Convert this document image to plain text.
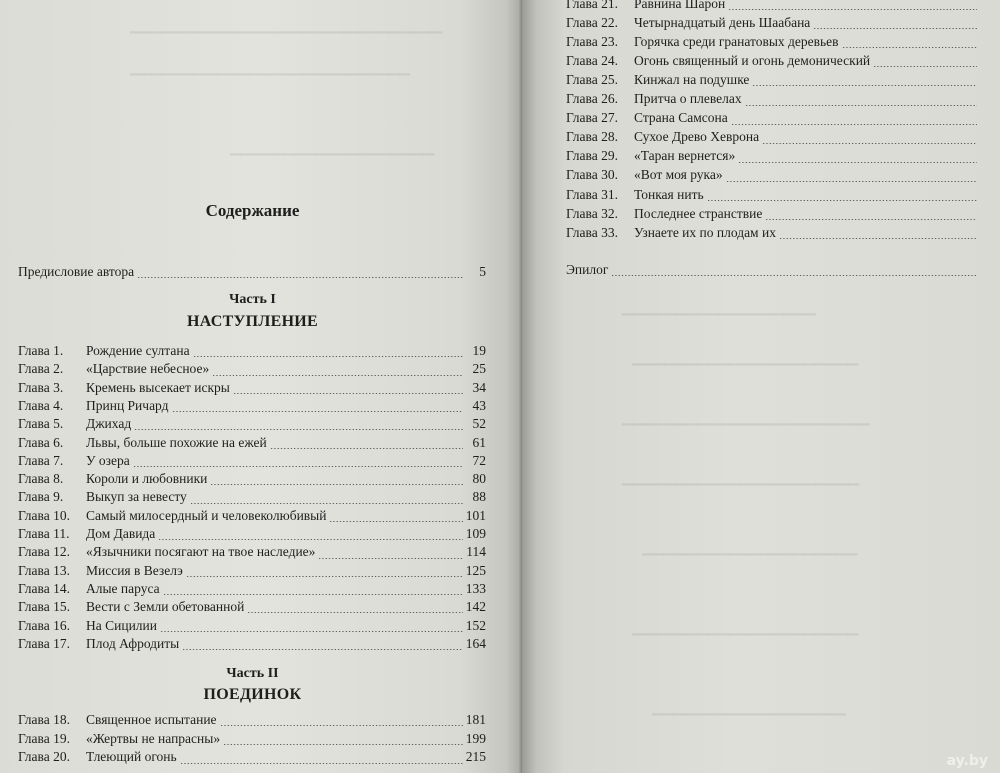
▁▁▁▁▁▁▁▁▁▁▁▁▁▁▁▁▁▁▁▁▁▁▁▁▁▁▁▁▁
▁▁▁▁▁▁▁▁▁▁▁▁▁▁▁▁▁▁▁▁▁▁▁▁▁▁
▁▁▁▁▁▁▁▁▁▁▁▁▁▁▁▁▁▁▁
Содержание
Предисловие автора	5
Часть I
НАСТУПЛЕНИЕ
Глава 1.	Рождение султана	19
Глава 2.	«Царствие небесное»	25
Глава 3.	Кремень высекает искры	34
Глава 4.	Принц Ричард	43
Глава 5.	Джихад	52
Глава 6.	Львы, больше похожие на ежей	61
Глава 7.	У озера	72
Глава 8.	Короли и любовники	80
Глава 9.	Выкуп за невесту	88
Глава 10.	Самый милосердный и человеколюбивый	101
Глава 11.	Дом Давида	109
Глава 12.	«Язычники посягают на твое наследие»	114
Глава 13.	Миссия в Везелэ	125
Глава 14.	Алые паруса	133
Глава 15.	Вести с Земли обетованной	142
Глава 16.	На Сицилии	152
Глава 17.	Плод Афродиты	164
Часть II
ПОЕДИНОК
Глава 18.	Священное испытание	181
Глава 19.	«Жертвы не напрасны»	199
Глава 20.	Тлеющий огонь	215
▁▁▁▁▁▁▁▁▁▁▁▁▁▁▁▁▁▁
▁▁▁▁▁▁▁▁▁▁▁▁▁▁▁▁▁▁▁▁▁
▁▁▁▁▁▁▁▁▁▁▁▁▁▁▁▁▁▁▁▁▁▁▁
▁▁▁▁▁▁▁▁▁▁▁▁▁▁▁▁▁▁▁▁▁▁
▁▁▁▁▁▁▁▁▁▁▁▁▁▁▁▁▁▁▁▁
▁▁▁▁▁▁▁▁▁▁▁▁▁▁▁▁▁▁▁▁▁
▁▁▁▁▁▁▁▁▁▁▁▁▁▁▁▁▁▁
Глава 21.	Равнина Шарон
Глава 22.	Четырнадцатый день Шаабана
Глава 23.	Горячка среди гранатовых деревьев
Глава 24.	Огонь священный и огонь демонический
Глава 25.	Кинжал на подушке
Глава 26.	Притча о плевелах
Глава 27.	Страна Самсона
Глава 28.	Сухое Древо Хеврона
Глава 29.	«Таран вернется»
Глава 30.	«Вот моя рука»
Глава 31.	Тонкая нить
Глава 32.	Последнее странствие
Глава 33.	Узнаете их по плодам их
Эпилог
ay.by
